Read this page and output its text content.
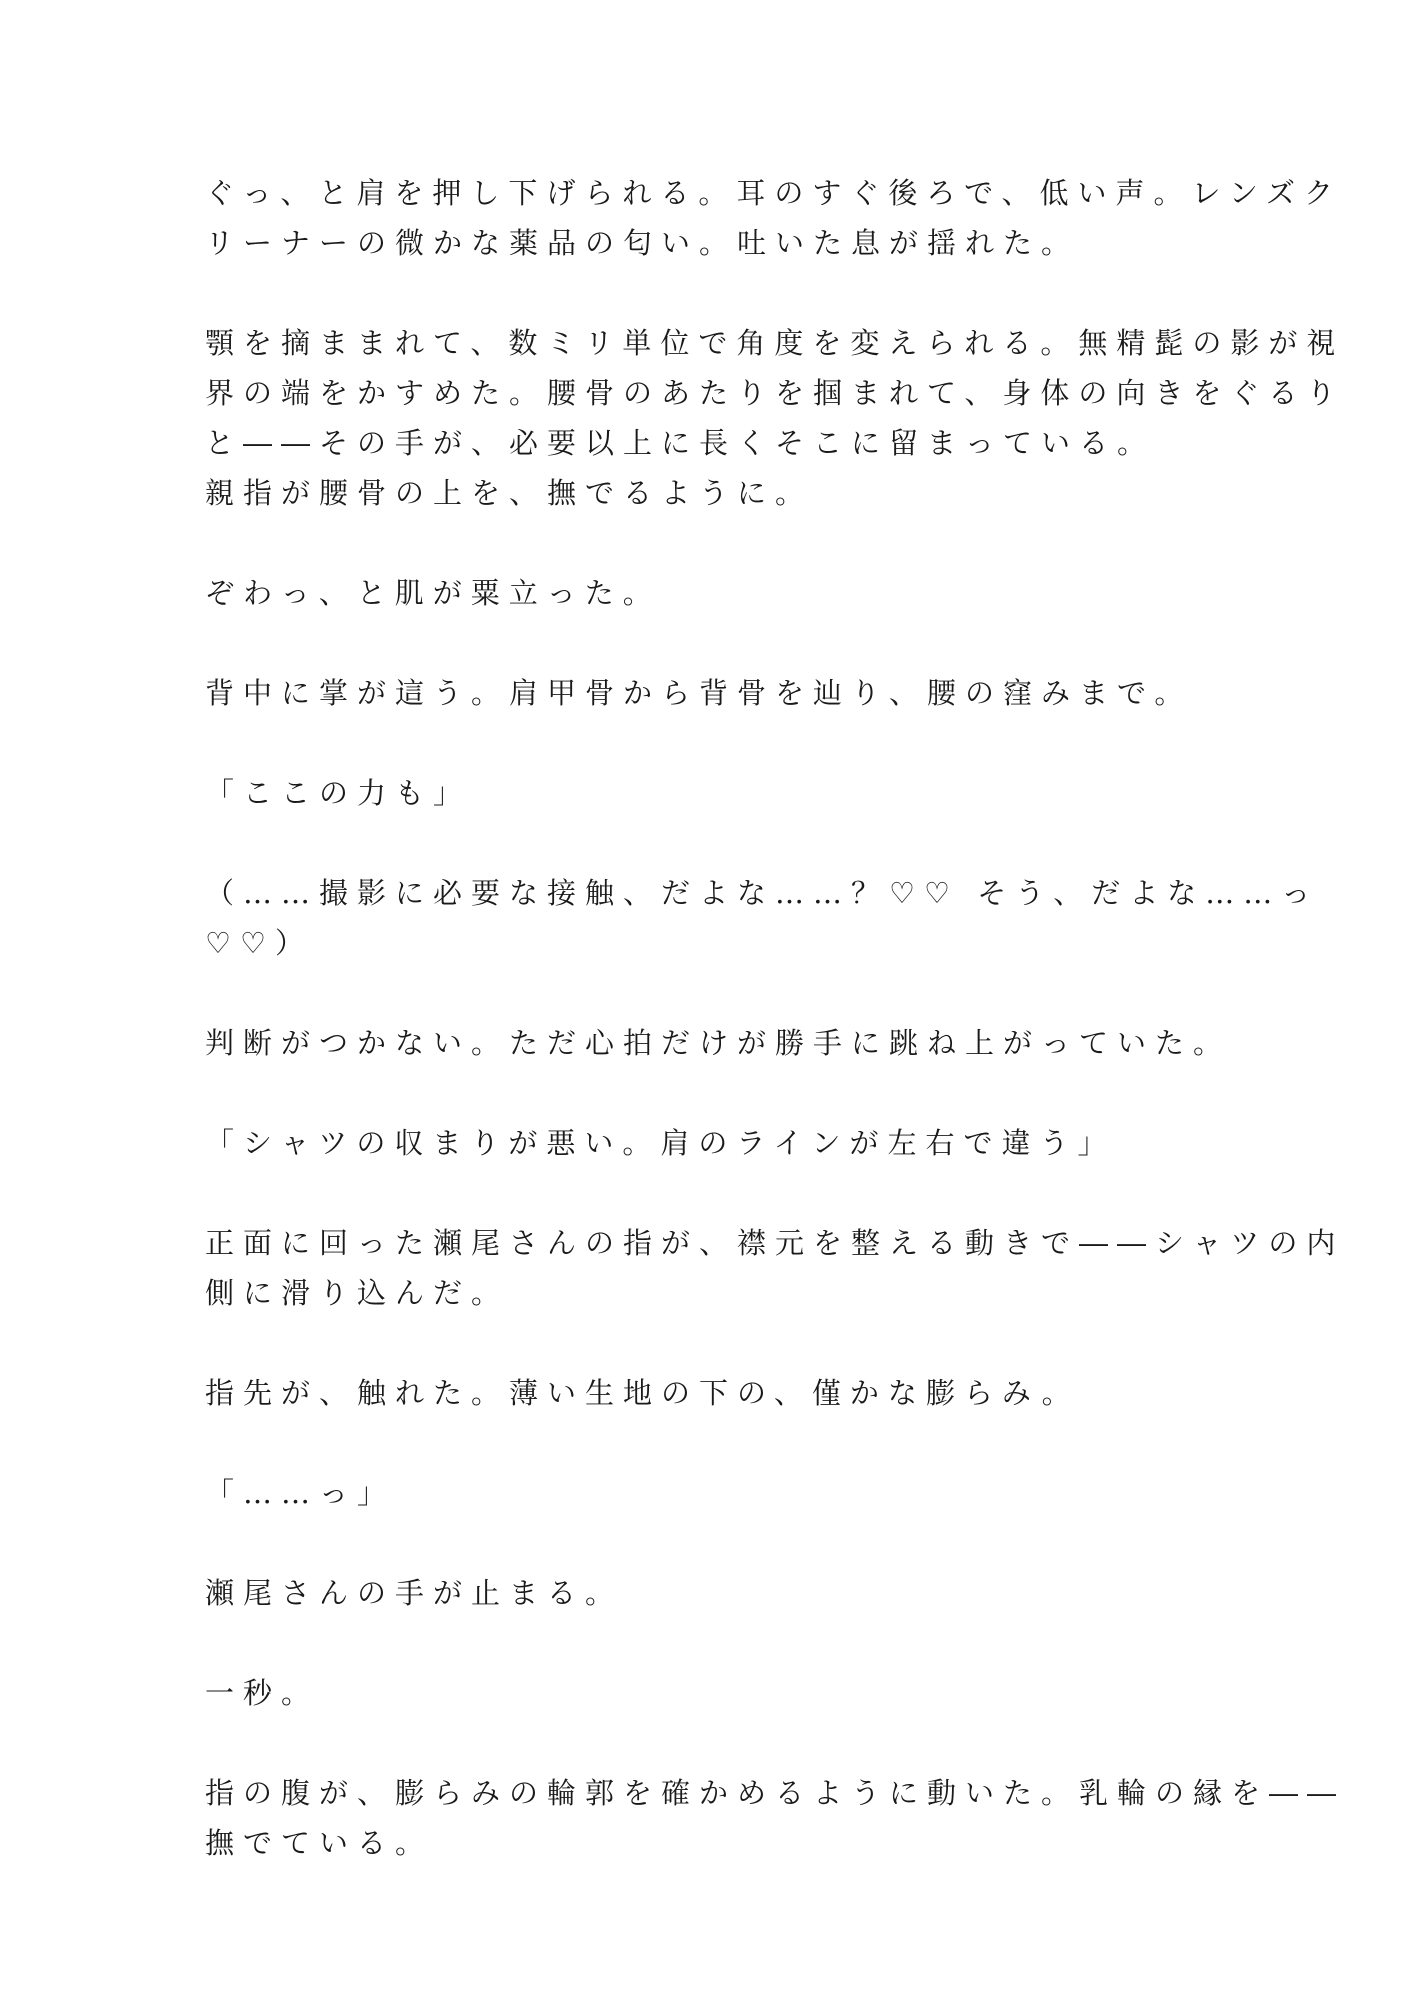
ぐっ、と肩を押し下げられる。耳のすぐ後ろで、低い声。レンズク
リーナーの微かな薬品の匂い。吐いた息が揺れた。

顎を摘ままれて、数ミリ単位で角度を変えられる。無精髭の影が視
界の端をかすめた。腰骨のあたりを掴まれて、身体の向きをぐるり
と――その手が、必要以上に長くそこに留まっている。
親指が腰骨の上を、撫でるように。

ぞわっ、と肌が粟立った。

背中に掌が這う。肩甲骨から背骨を辿り、腰の窪みまで。

「ここの力も」

（……撮影に必要な接触、だよな……？♡♡ そう、だよな……っ
♡♡）

判断がつかない。ただ心拍だけが勝手に跳ね上がっていた。

「シャツの収まりが悪い。肩のラインが左右で違う」

正面に回った瀬尾さんの指が、襟元を整える動きで――シャツの内
側に滑り込んだ。

指先が、触れた。薄い生地の下の、僅かな膨らみ。

「……っ」

瀬尾さんの手が止まる。

一秒。

指の腹が、膨らみの輪郭を確かめるように動いた。乳輪の縁を――
撫でている。
